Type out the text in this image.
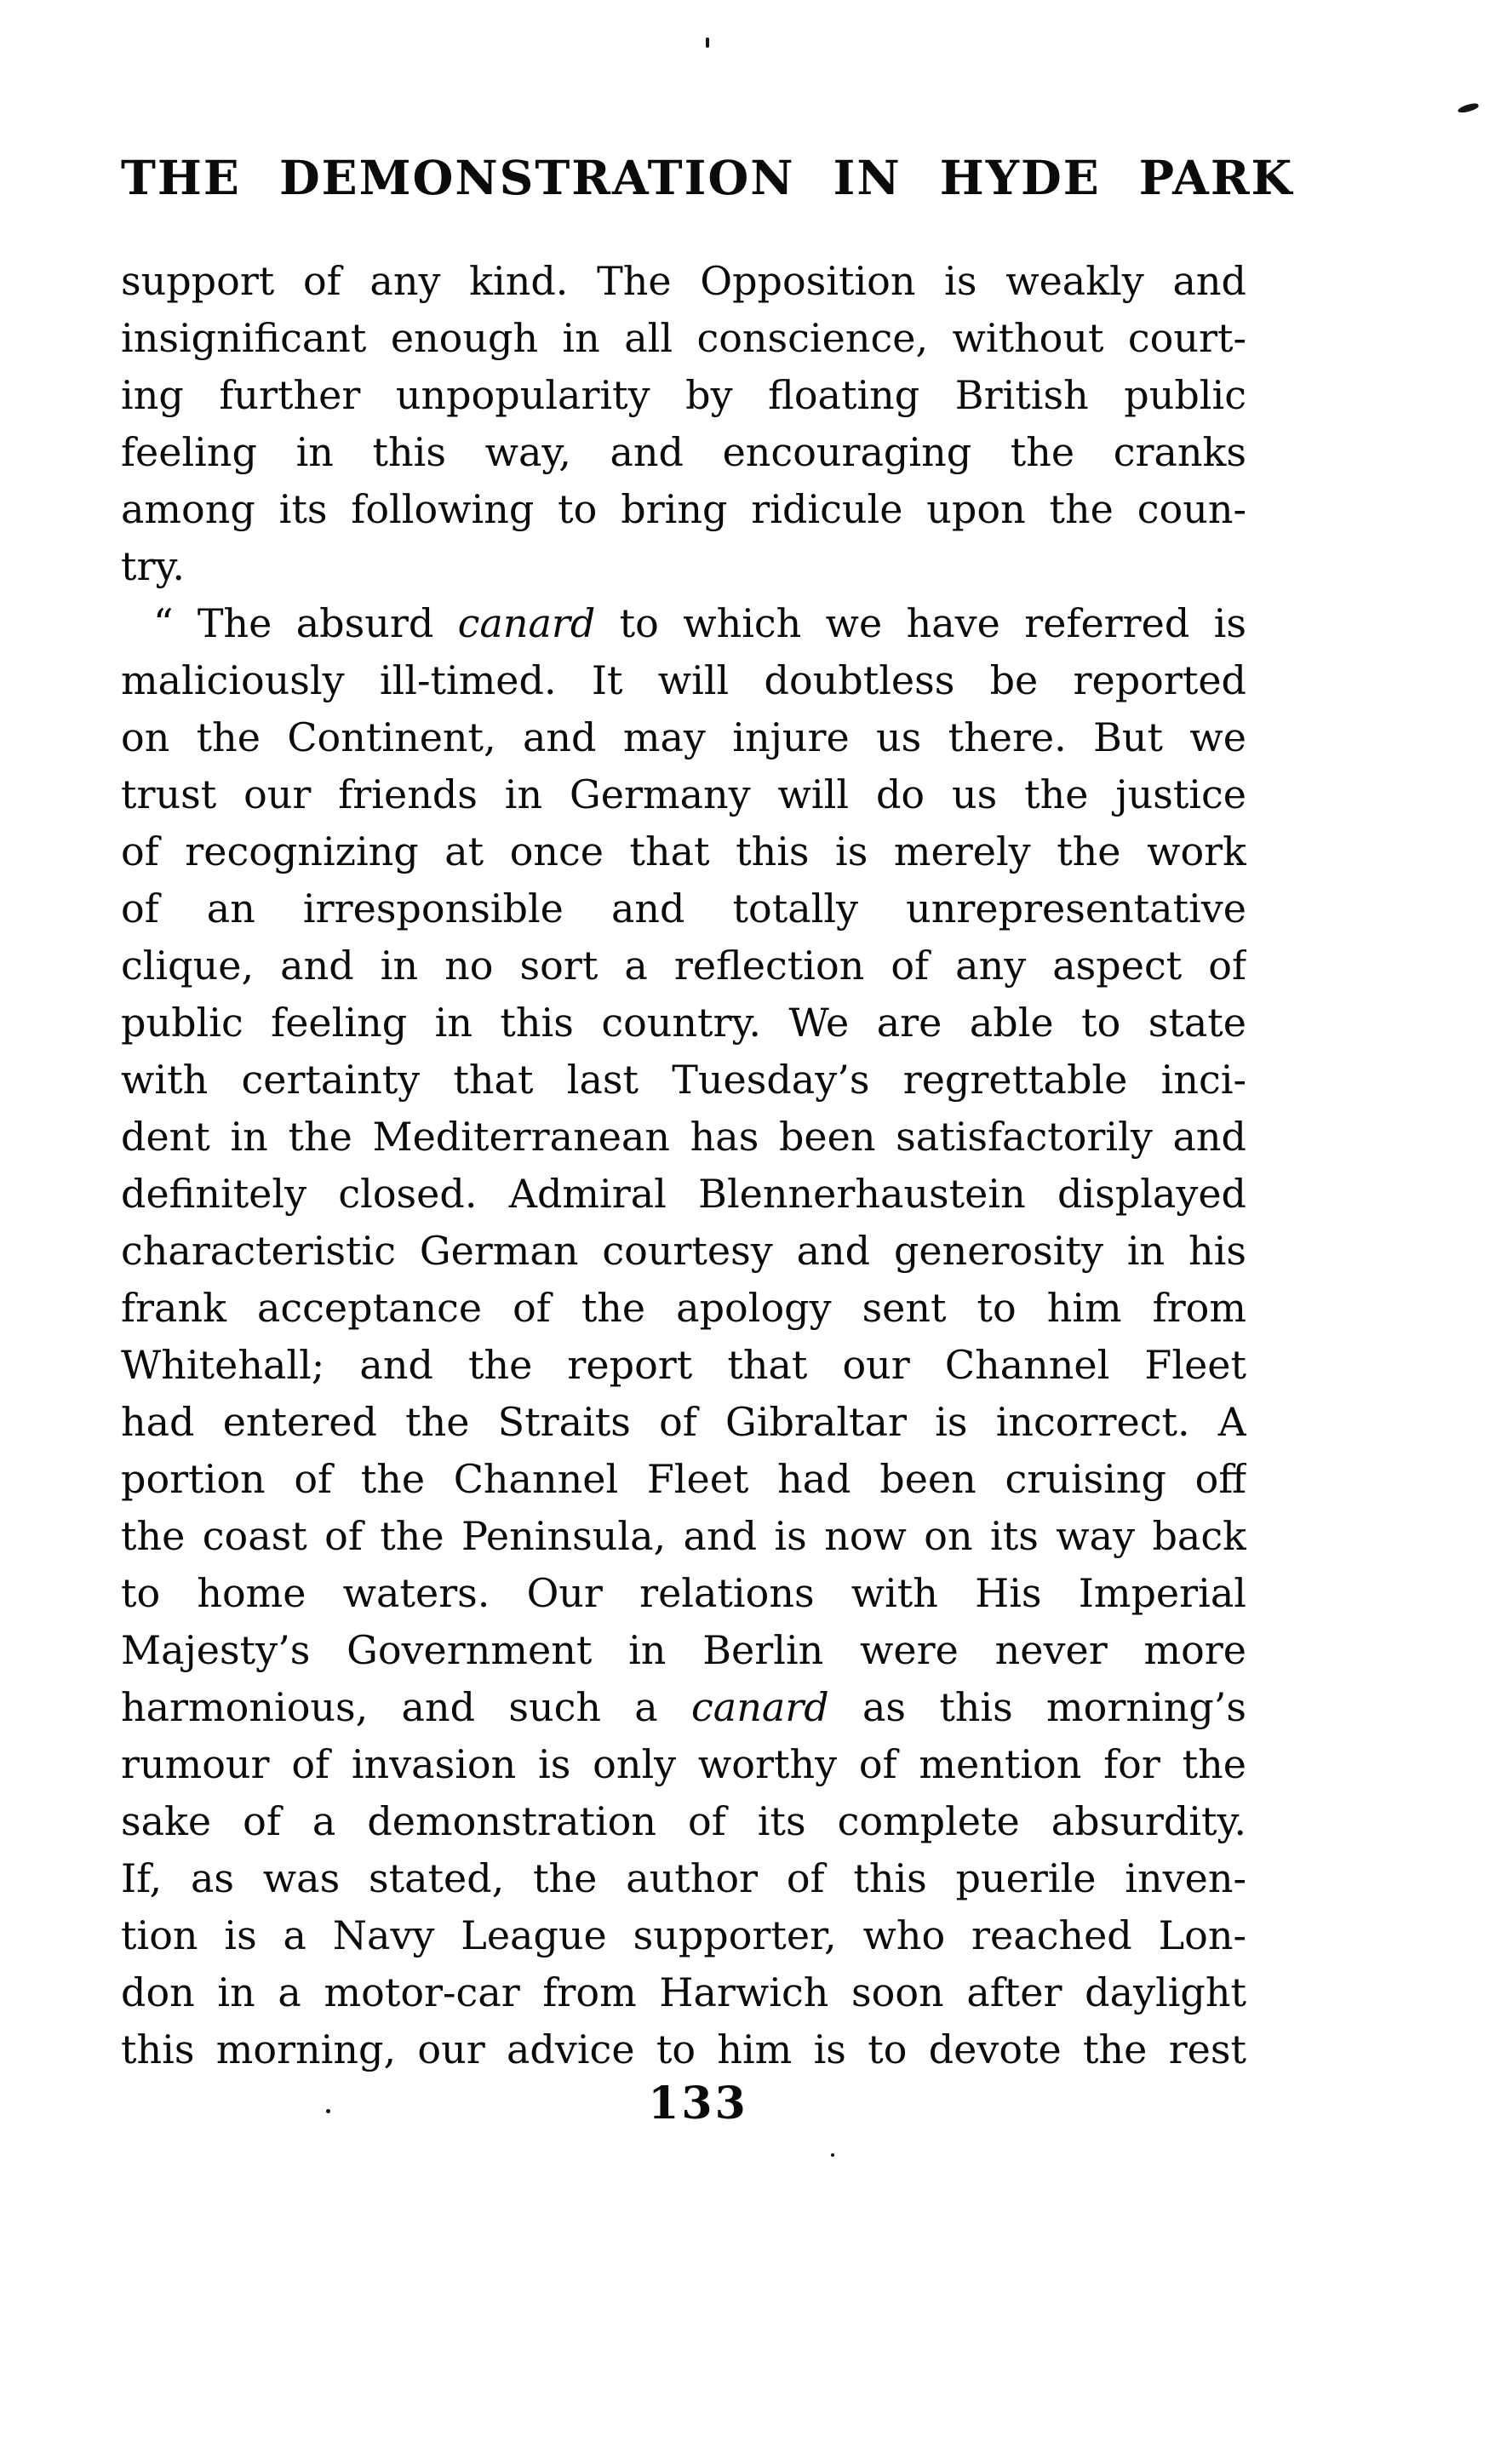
THE DEMONSTRATION IN HYDE PARK
support of any kind. The Opposition is weakly and
insignificant enough in all conscience, without court-
ing further unpopularity by floating British public
feeling in this way, and encouraging the cranks
among its following to bring ridicule upon the coun-
try.
“ The absurd canard to which we have referred is
maliciously ill-timed. It will doubtless be reported
on the Continent, and may injure us there. But we
trust our friends in Germany will do us the justice
of recognizing at once that this is merely the work
of an irresponsible and totally unrepresentative
clique, and in no sort a reflection of any aspect of
public feeling in this country. We are able to state
with certainty that last Tuesday’s regrettable inci-
dent in the Mediterranean has been satisfactorily and
definitely closed. Admiral Blennerhaustein displayed
characteristic German courtesy and generosity in his
frank acceptance of the apology sent to him from
Whitehall; and the report that our Channel Fleet
had entered the Straits of Gibraltar is incorrect. A
portion of the Channel Fleet had been cruising off
the coast of the Peninsula, and is now on its way back
to home waters. Our relations with His Imperial
Majesty’s Government in Berlin were never more
harmonious, and such a canard as this morning’s
rumour of invasion is only worthy of mention for the
sake of a demonstration of its complete absurdity.
If, as was stated, the author of this puerile inven-
tion is a Navy League supporter, who reached Lon-
don in a motor-car from Harwich soon after daylight
this morning, our advice to him is to devote the rest
133
